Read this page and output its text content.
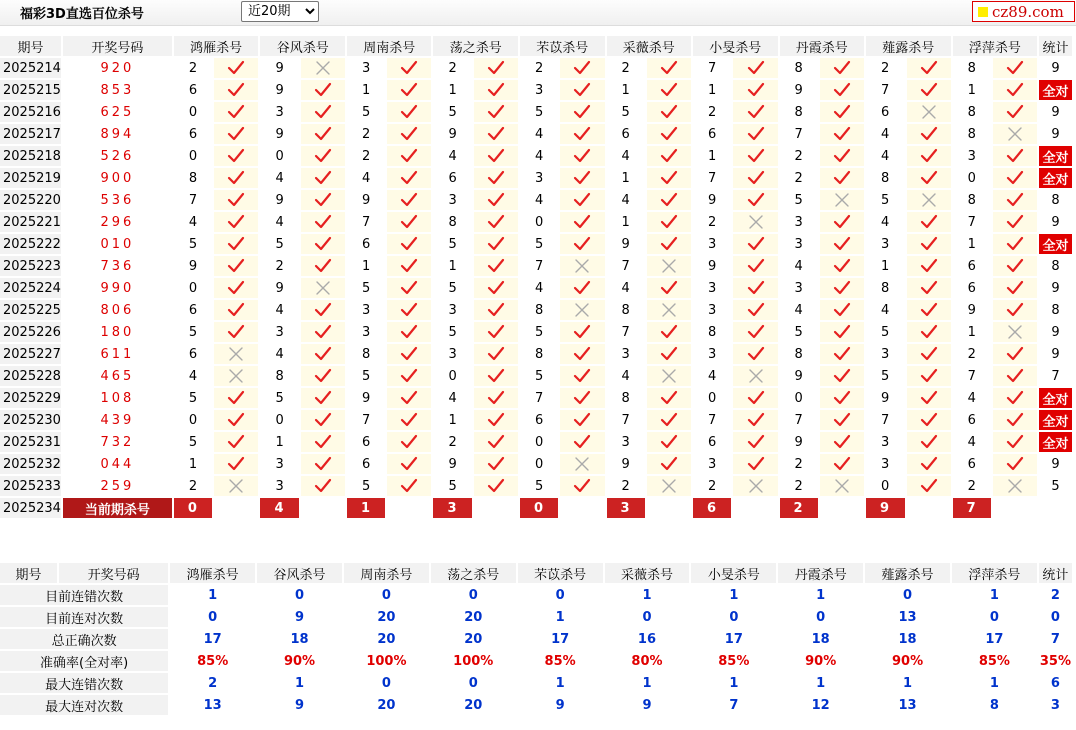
福彩3D直选百位杀号
近20期	cz89.com
期号	开奖号码	鸿雁杀号		谷风杀号		周南杀号		荡之杀号		芣苡杀号		采薇杀号		小旻杀号		丹霞杀号		薤露杀号		浮萍杀号		统计
2025214	920	2		9		3		2		2		2		7		8		2		8		9
2025215	853	6		9		1		1		3		1		1		9		7		1		全对
2025216	625	0		3		5		5		5		5		2		8		6		8		9
2025217	894	6		9		2		9		4		6		6		7		4		8		9
2025218	526	0		0		2		4		4		4		1		2		4		3		全对
2025219	900	8		4		4		6		3		1		7		2		8		0		全对
2025220	536	7		9		9		3		4		4		9		5		5		8		8
2025221	296	4		4		7		8		0		1		2		3		4		7		9
2025222	010	5		5		6		5		5		9		3		3		3		1		全对
2025223	736	9		2		1		1		7		7		9		4		1		6		8
2025224	990	0		9		5		5		4		4		3		3		8		6		9
2025225	806	6		4		3		3		8		8		3		4		4		9		8
2025226	180	5		3		3		5		5		7		8		5		5		1		9
2025227	611	6		4		8		3		8		3		3		8		3		2		9
2025228	465	4		8		5		0		5		4		4		9		5		7		7
2025229	108	5		5		9		4		7		8		0		0		9		4		全对
2025230	439	0		0		7		1		6		7		7		7		7		6		全对
2025231	732	5		1		6		2		0		3		6		9		3		4		全对
2025232	044	1		3		6		9		0		9		3		2		3		6		9
2025233	259	2		3		5		5		5		2		2		2		0		2		5
2025234	当前期杀号	0		4		1		3		0		3		6		2		9		7		
期号	开奖号码	鸿雁杀号	谷风杀号	周南杀号	荡之杀号	芣苡杀号	采薇杀号	小旻杀号	丹霞杀号	薤露杀号	浮萍杀号	统计
目前连错次数		1	0	0	0	0	1	1	1	0	1	2
目前连对次数		0	9	20	20	1	0	0	0	13	0	0
总正确次数		17	18	20	20	17	16	17	18	18	17	7
准确率(全对率)		85%	90%	100%	100%	85%	80%	85%	90%	90%	85%	35%
最大连错次数		2	1	0	0	1	1	1	1	1	1	6
最大连对次数		13	9	20	20	9	9	7	12	13	8	3
